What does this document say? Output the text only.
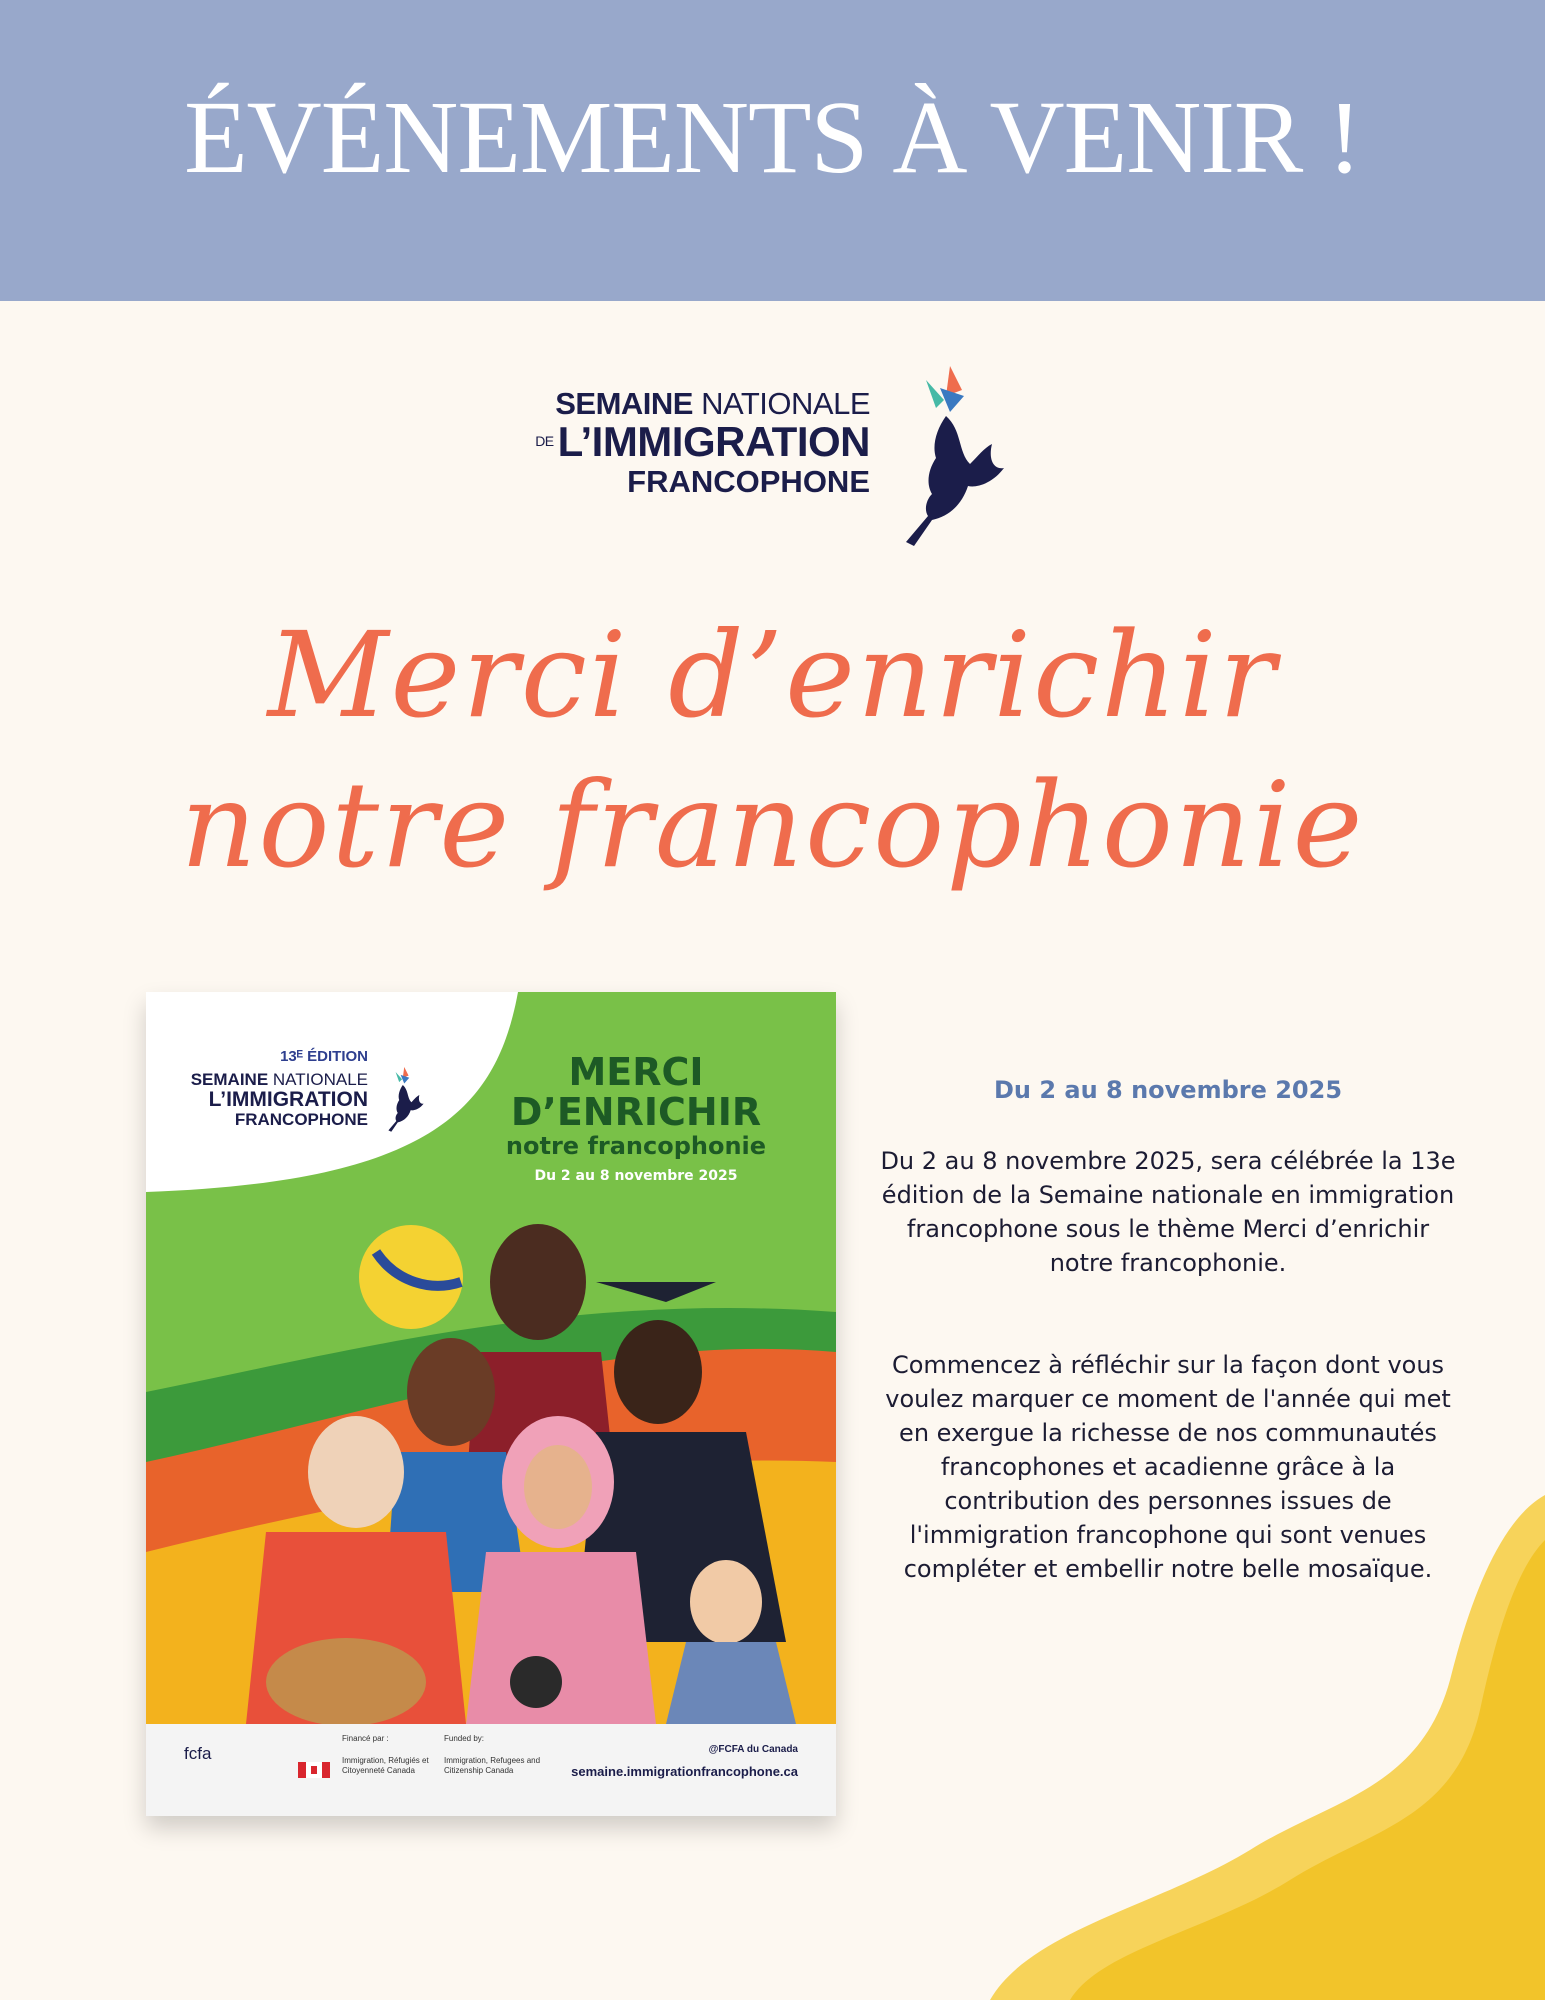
ÉVÉNEMENTS À VENIR !
SEMAINE NATIONALE
DEL’IMMIGRATION
FRANCOPHONE
Merci d’enrichir
notre francophonie
13ᴱ ÉDITION
SEMAINE NATIONALE
L’IMMIGRATION
FRANCOPHONE
MERCI
D’ENRICHIR
notre francophonie
Du 2 au 8 novembre 2025
fcfa
Financé par :	Funded by:
Immigration, Réfugiés et Citoyenneté Canada
Immigration, Refugees and Citizenship Canada
@FCFA du Canada
semaine.immigrationfrancophone.ca
Du 2 au 8 novembre 2025

Du 2 au 8 novembre 2025, sera célébrée la 13e édition de la Semaine nationale en immigration francophone sous le thème Merci d’enrichir notre francophonie.

Commencez à réfléchir sur la façon dont vous voulez marquer ce moment de l'année qui met en exergue la richesse de nos communautés francophones et acadienne grâce à la contribution des personnes issues de l'immigration francophone qui sont venues compléter et embellir notre belle mosaïque.
